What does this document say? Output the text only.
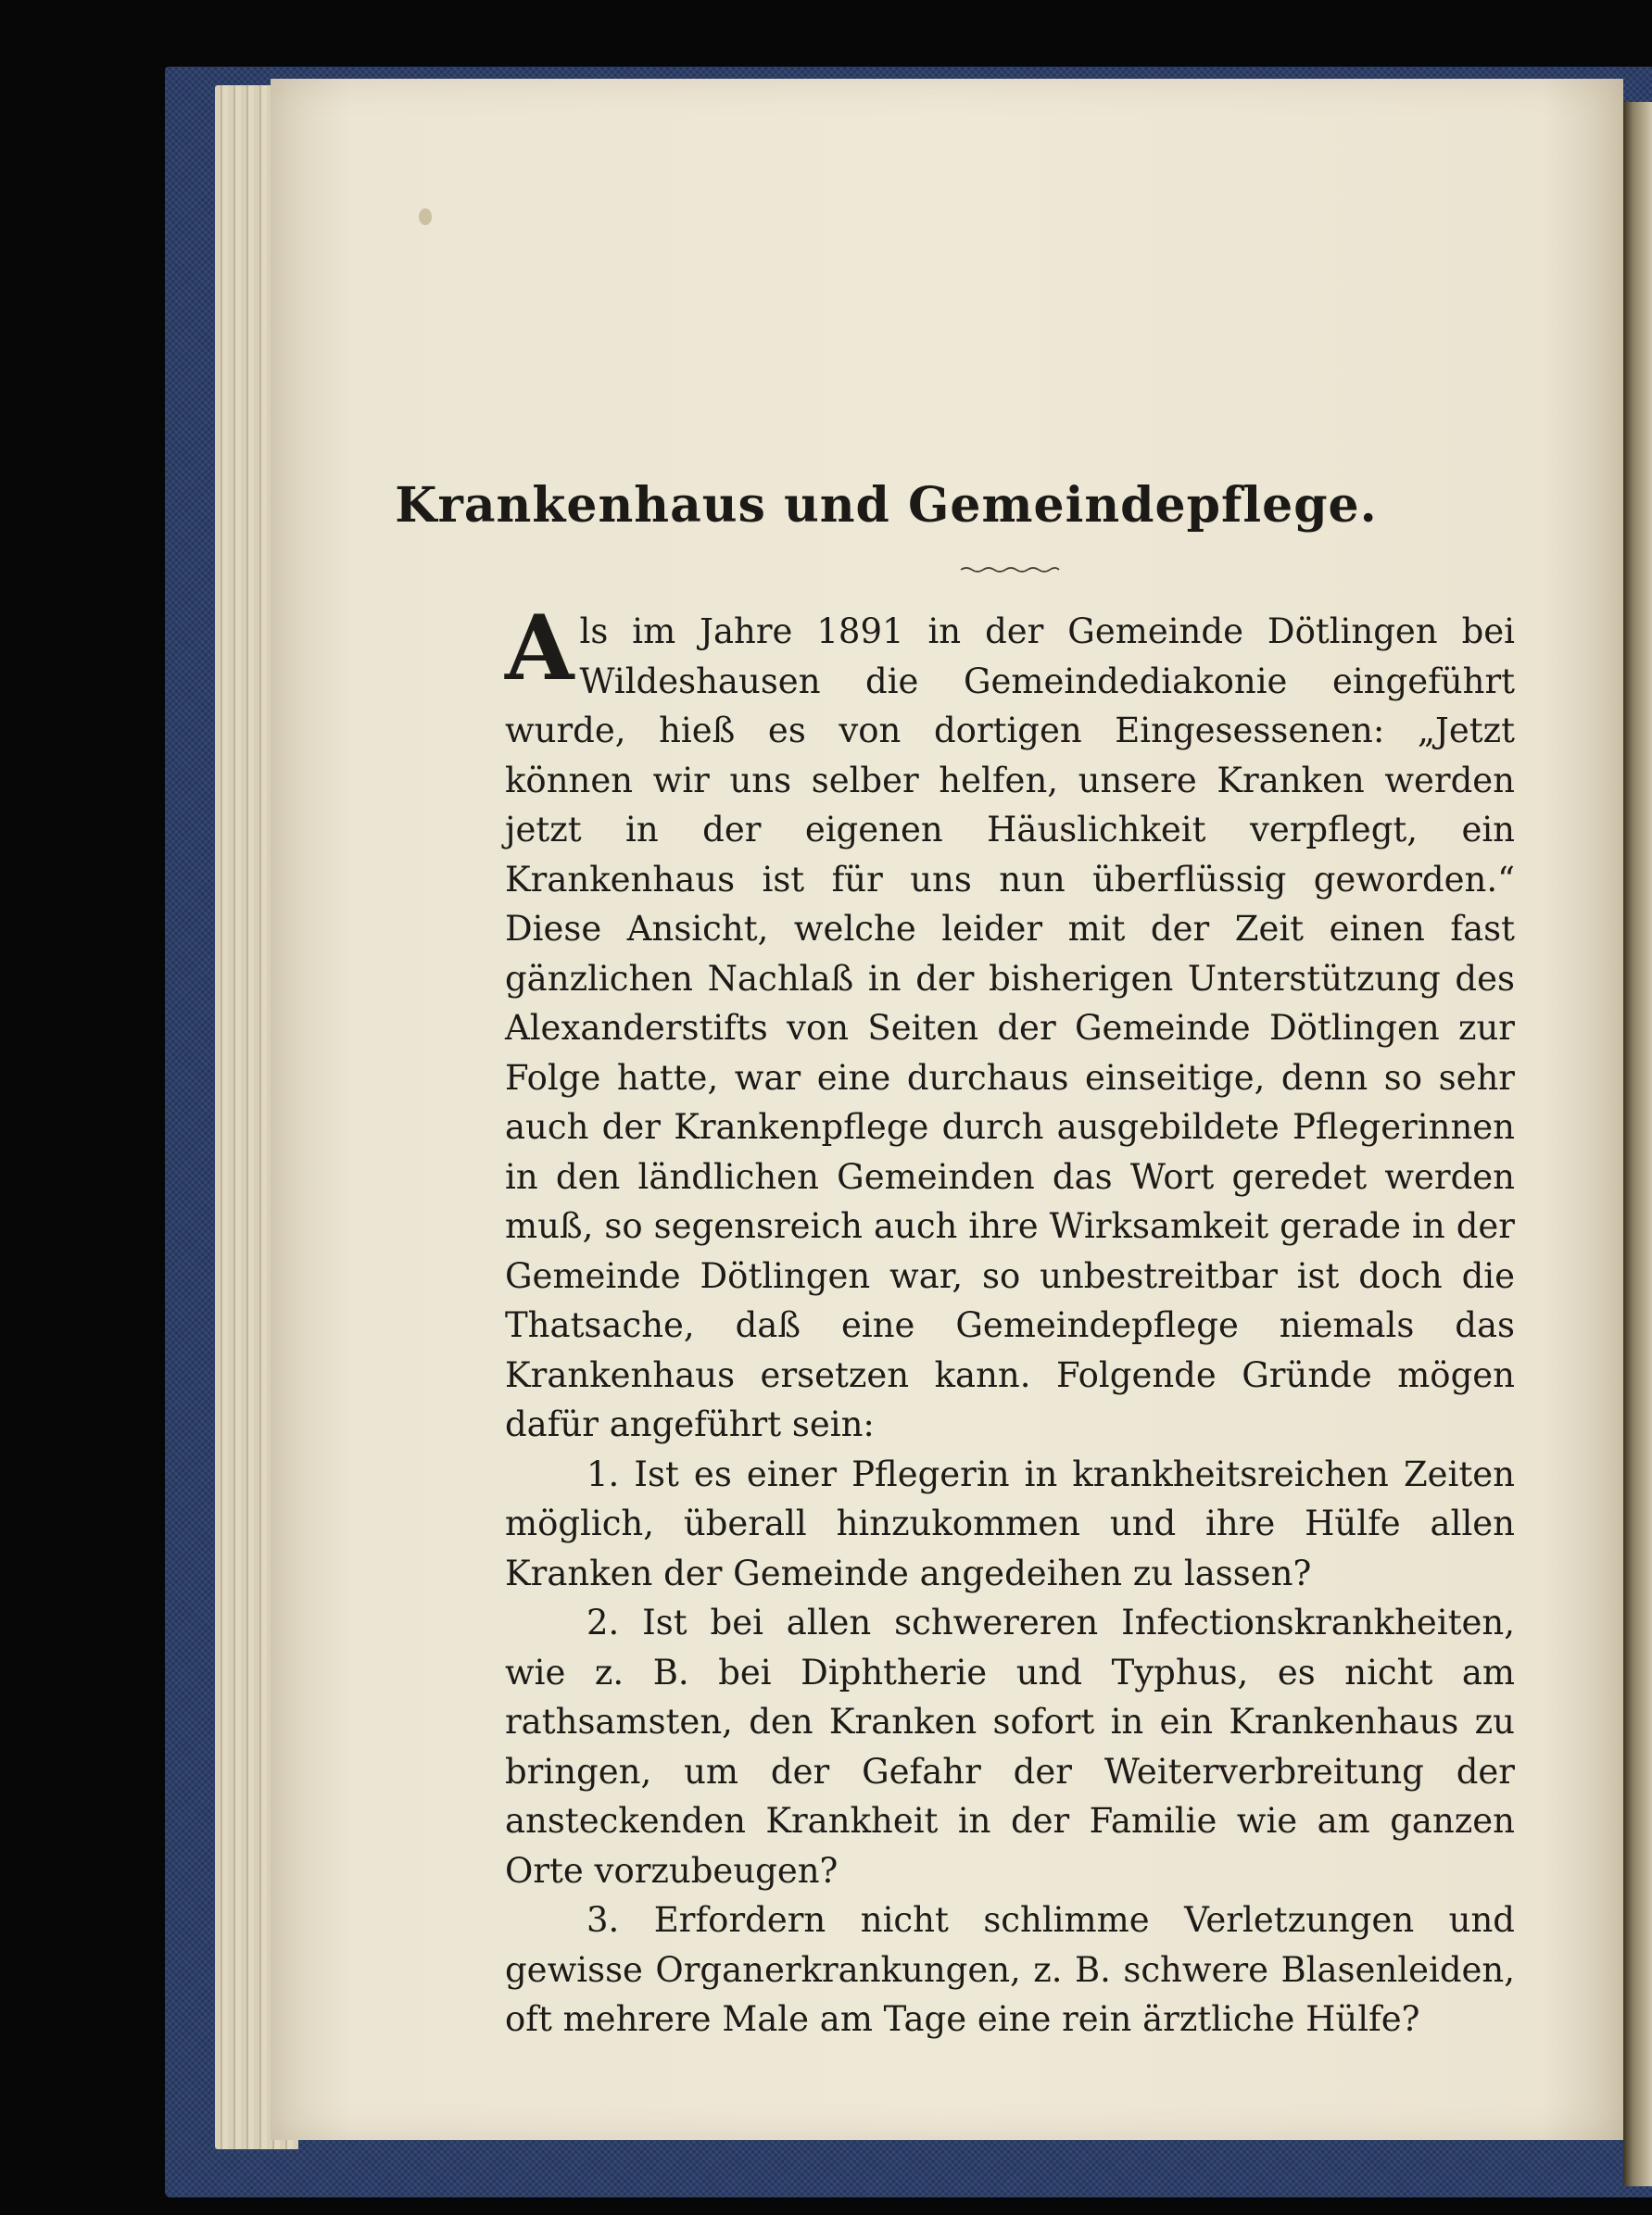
Krankenhaus und Gemeindepflege.

Als im Jahre 1891 in der Gemeinde Dötlingen bei Wildeshausen die Gemeindediakonie eingeführt wurde, hieß es von dortigen Eingesessenen: „Jetzt können wir uns selber helfen, unsere Kranken werden jetzt in der eigenen Häuslichkeit verpflegt, ein Krankenhaus ist für uns nun überflüssig geworden.“ Diese Ansicht, welche leider mit der Zeit einen fast gänzlichen Nachlaß in der bisherigen Unterstützung des Alexanderstifts von Seiten der Gemeinde Dötlingen zur Folge hatte, war eine durchaus einseitige, denn so sehr auch der Krankenpflege durch ausgebildete Pflegerinnen in den ländlichen Gemeinden das Wort geredet werden muß, so segensreich auch ihre Wirksamkeit gerade in der Gemeinde Dötlingen war, so unbestreitbar ist doch die Thatsache, daß eine Gemeindepflege niemals das Krankenhaus ersetzen kann. Folgende Gründe mögen dafür angeführt sein:

1. Ist es einer Pflegerin in krankheitsreichen Zeiten möglich, überall hinzukommen und ihre Hülfe allen Kranken der Gemeinde angedeihen zu lassen?

2. Ist bei allen schwereren Infectionskrankheiten, wie z. B. bei Diphtherie und Typhus, es nicht am rathsamsten, den Kranken sofort in ein Krankenhaus zu bringen, um der Gefahr der Weiterverbreitung der ansteckenden Krankheit in der Familie wie am ganzen Orte vorzubeugen?

3. Erfordern nicht schlimme Verletzungen und gewisse Organerkrankungen, z. B. schwere Blasenleiden, oft mehrere Male am Tage eine rein ärztliche Hülfe?
